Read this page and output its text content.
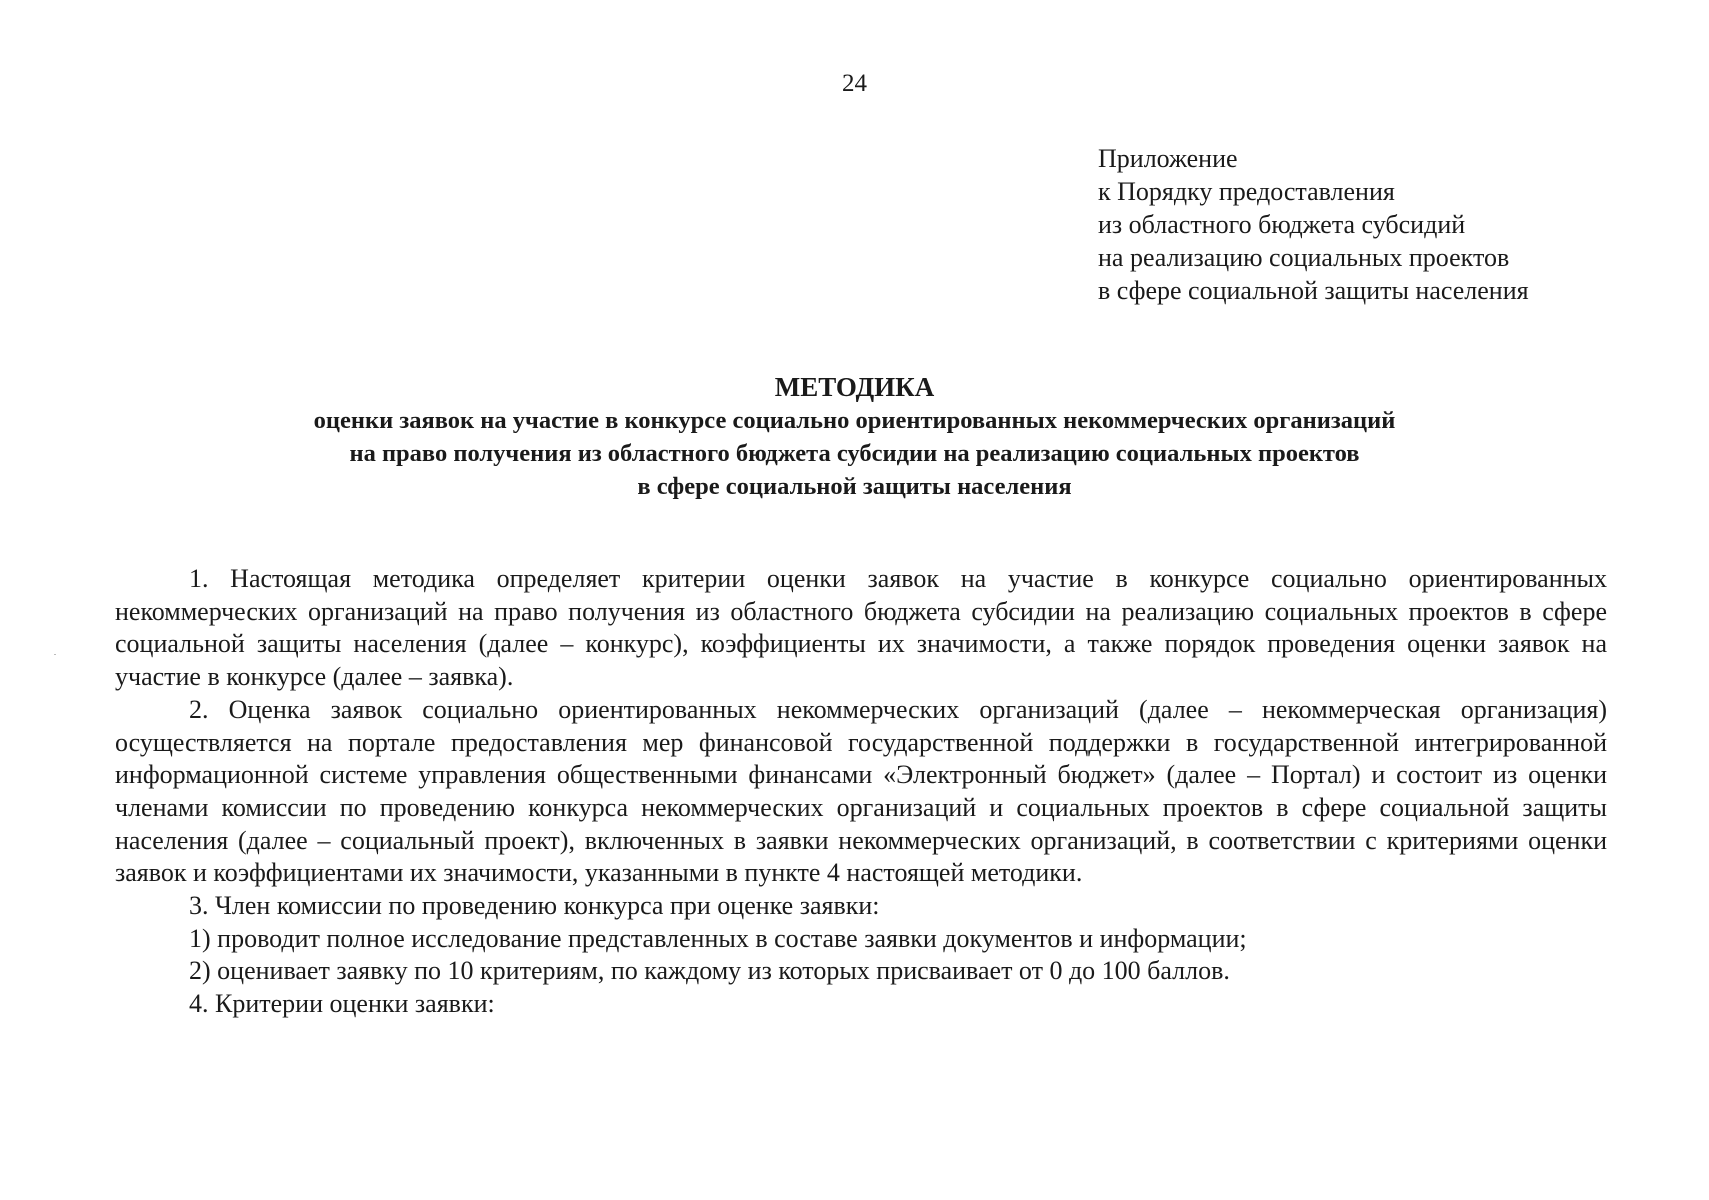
24
Приложение
к Порядку предоставления
из областного бюджета субсидий
на реализацию социальных проектов
в сфере социальной защиты населения
МЕТОДИКА
оценки заявок на участие в конкурсе социально ориентированных некоммерческих организаций
на право получения из областного бюджета субсидии на реализацию социальных проектов
в сфере социальной защиты населения

1. Настоящая методика определяет критерии оценки заявок на участие в конкурсе социально ориентированных некоммерческих организаций на право получения из областного бюджета субсидии на реализацию социальных проектов в сфере социальной защиты населения (далее – конкурс), коэффициенты их значимости, а также порядок проведения оценки заявок на участие в конкурсе (далее – заявка).

2. Оценка заявок социально ориентированных некоммерческих организаций (далее – некоммерческая организация) осуществляется на портале предоставления мер финансовой государственной поддержки в государственной интегрированной информационной системе управления общественными финансами «Электронный бюджет» (далее – Портал) и состоит из оценки членами комиссии по проведению конкурса некоммерческих организаций и социальных проектов в сфере социальной защиты населения (далее – социальный проект), включенных в заявки некоммерческих организаций, в соответствии с критериями оценки заявок и коэффициентами их значимости, указанными в пункте 4 настоящей методики.

3. Член комиссии по проведению конкурса при оценке заявки:

1) проводит полное исследование представленных в составе заявки документов и информации;

2) оценивает заявку по 10 критериям, по каждому из которых присваивает от 0 до 100 баллов.

4. Критерии оценки заявки:
